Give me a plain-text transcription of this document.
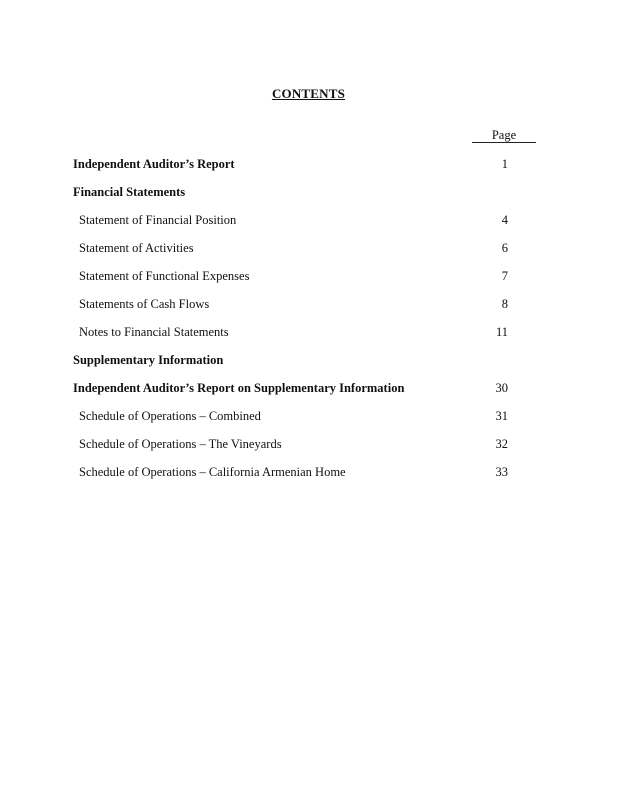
CONTENTS
Page
Independent Auditor’s Report	1
Financial Statements
Statement of Financial Position	4
Statement of Activities	6
Statement of Functional Expenses	7
Statements of Cash Flows	8
Notes to Financial Statements	11
Supplementary Information
Independent Auditor’s Report on Supplementary Information	30
Schedule of Operations – Combined	31
Schedule of Operations – The Vineyards	32
Schedule of Operations – California Armenian Home	33
